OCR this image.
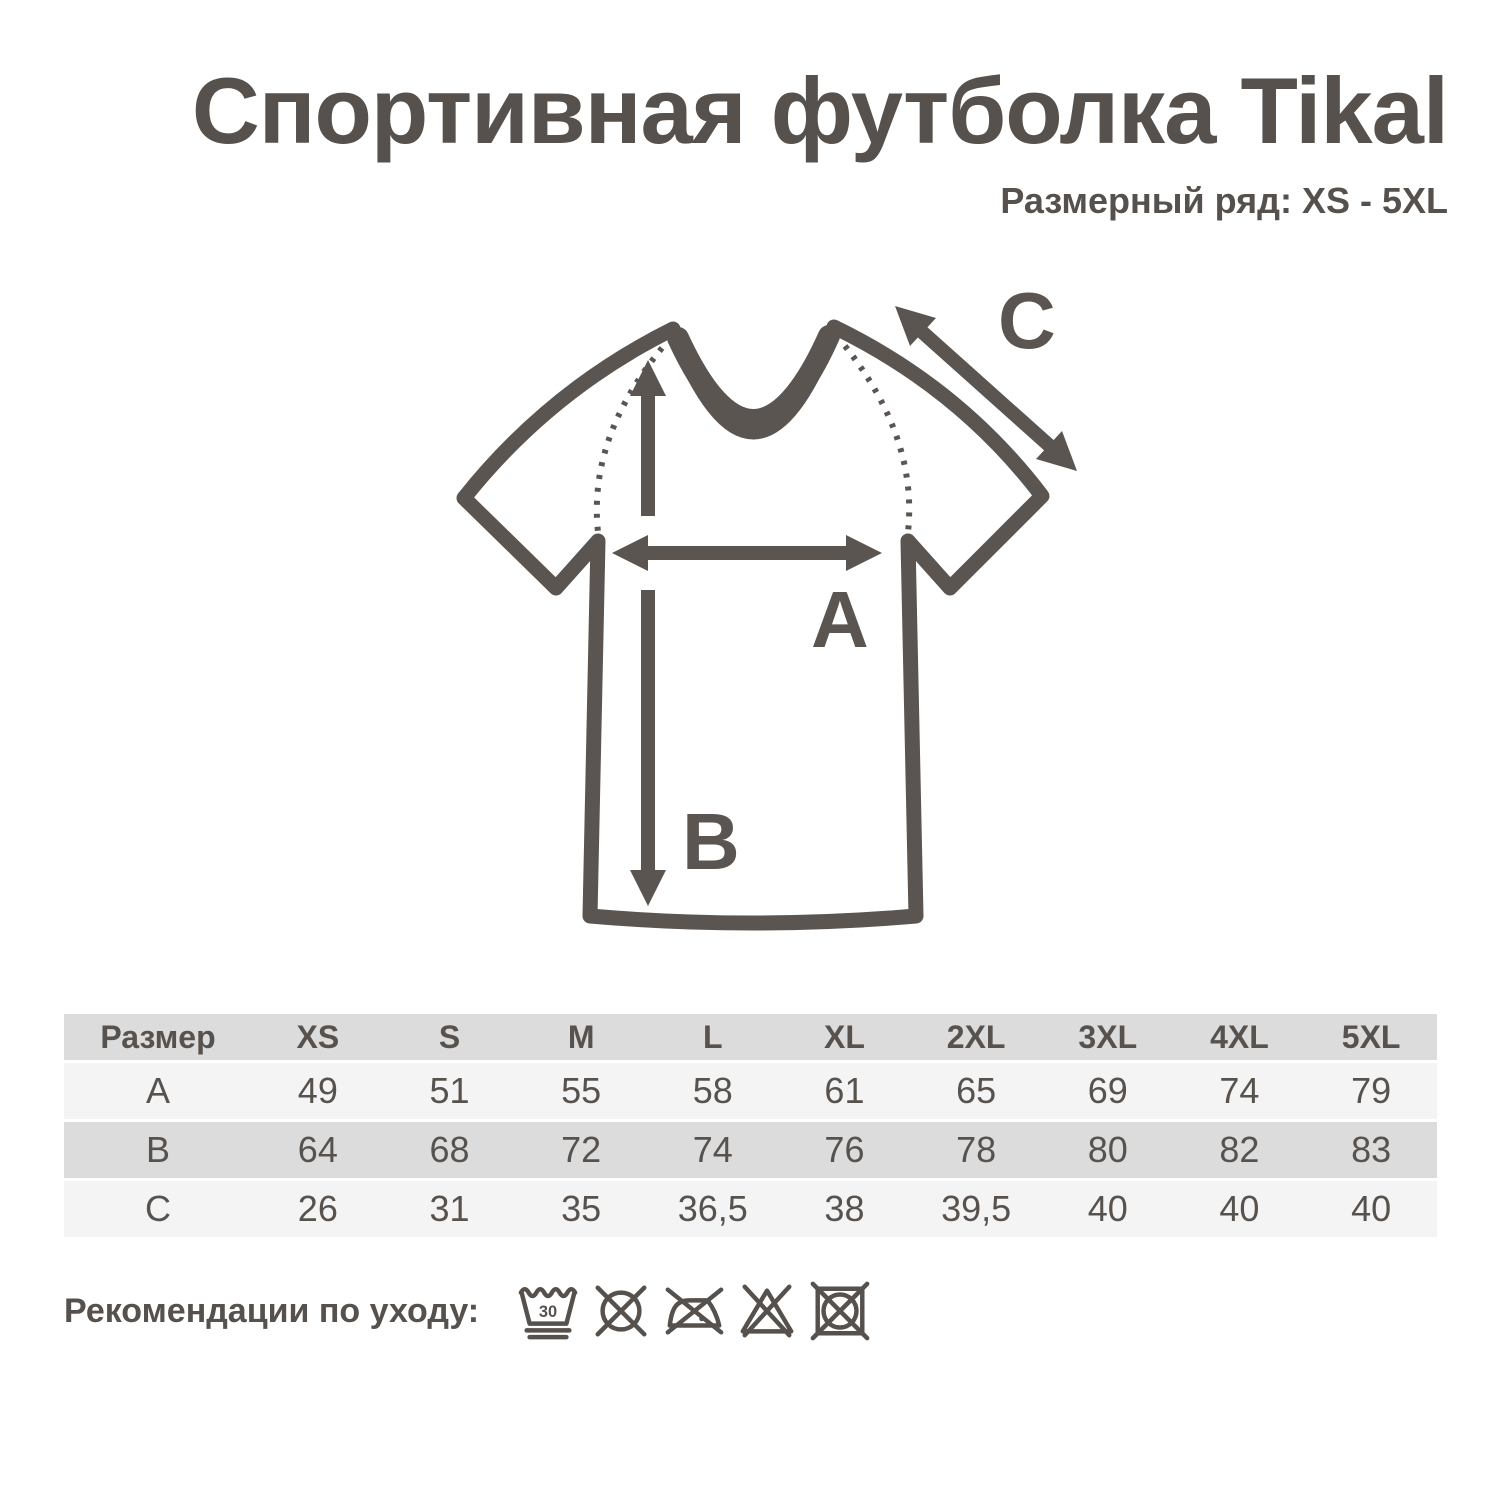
Спортивная футболка Tikal
Размерный ряд: XS - 5XL
A
B
C
Размер	XS	S	M	L	XL	2XL	3XL	4XL	5XL
A	49	51	55	58	61	65	69	74	79
B	64	68	72	74	76	78	80	82	83
C	26	31	35	36,5	38	39,5	40	40	40
Рекомендации по уходу:	30
